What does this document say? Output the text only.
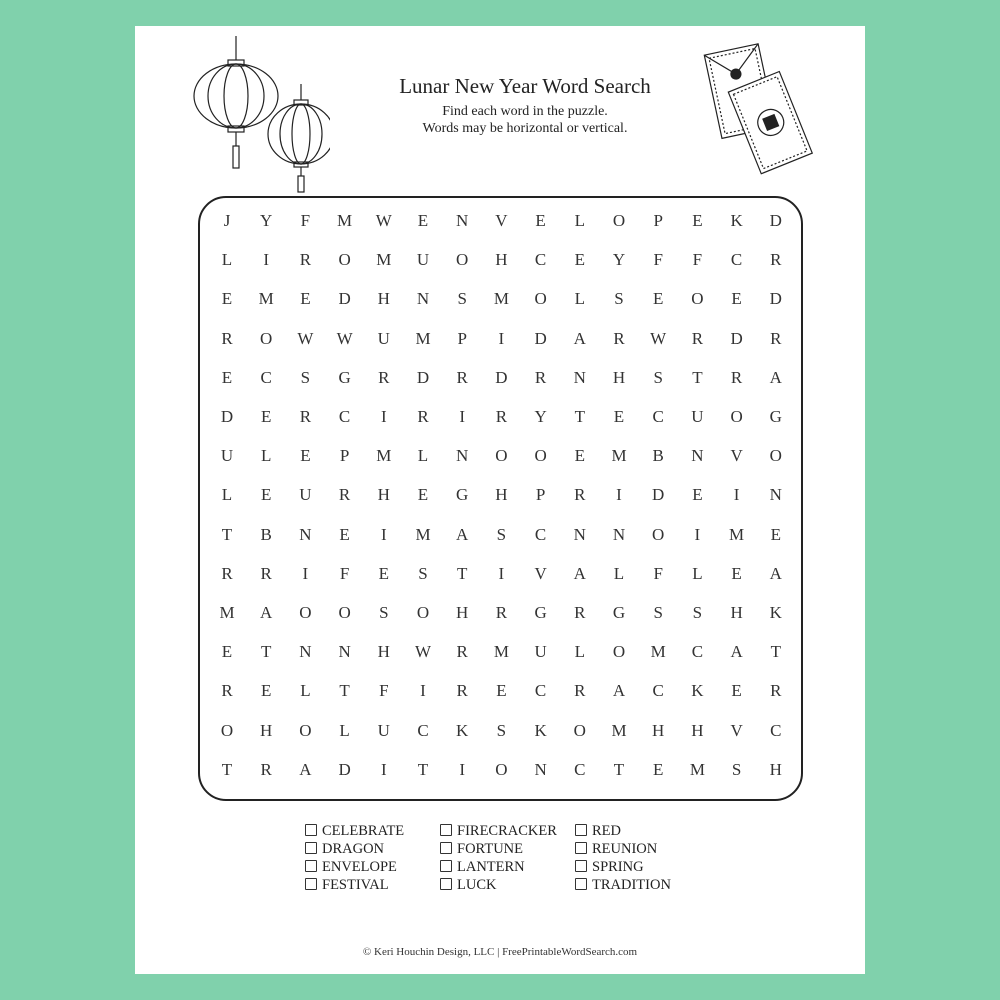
Lunar New Year Word Search
Find each word in the puzzle.
Words may be horizontal or vertical.
J	Y	F	M	W	E	N	V	E	L	O	P	E	K	D
L	I	R	O	M	U	O	H	C	E	Y	F	F	C	R
E	M	E	D	H	N	S	M	O	L	S	E	O	E	D
R	O	W	W	U	M	P	I	D	A	R	W	R	D	R
E	C	S	G	R	D	R	D	R	N	H	S	T	R	A
D	E	R	C	I	R	I	R	Y	T	E	C	U	O	G
U	L	E	P	M	L	N	O	O	E	M	B	N	V	O
L	E	U	R	H	E	G	H	P	R	I	D	E	I	N
T	B	N	E	I	M	A	S	C	N	N	O	I	M	E
R	R	I	F	E	S	T	I	V	A	L	F	L	E	A
M	A	O	O	S	O	H	R	G	R	G	S	S	H	K
E	T	N	N	H	W	R	M	U	L	O	M	C	A	T
R	E	L	T	F	I	R	E	C	R	A	C	K	E	R
O	H	O	L	U	C	K	S	K	O	M	H	H	V	C
T	R	A	D	I	T	I	O	N	C	T	E	M	S	H
CELEBRATE
DRAGON
ENVELOPE
FESTIVAL
FIRECRACKER
FORTUNE
LANTERN
LUCK
RED
REUNION
SPRING
TRADITION
© Keri Houchin Design, LLC | FreePrintableWordSearch.com
